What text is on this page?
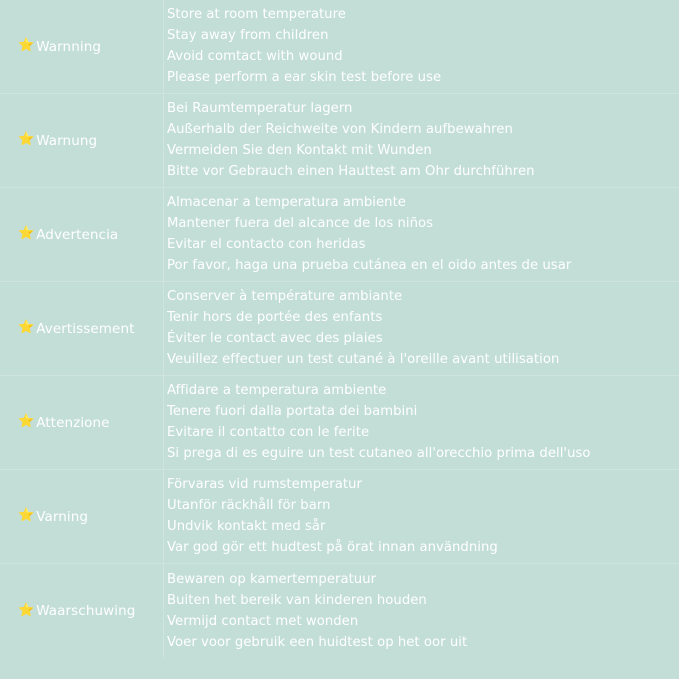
⭐ Warnning
Store at room temperature
Stay away from children
Avoid comtact with wound
Please perform a ear skin test before use
⭐ Warnung
Bei Raumtemperatur lagern
Außerhalb der Reichweite von Kindern aufbewahren
Vermeiden Sie den Kontakt mit Wunden
Bitte vor Gebrauch einen Hauttest am Ohr durchführen
⭐ Advertencia
Almacenar a temperatura ambiente
Mantener fuera del alcance de los niños
Evitar el contacto con heridas
Por favor, haga una prueba cutánea en el oido antes de usar
⭐ Avertissement
Conserver à température ambiante
Tenir hors de portée des enfants
Éviter le contact avec des plaies
Veuillez effectuer un test cutané à l'oreille avant utilisation
⭐ Attenzione
Affidare a temperatura ambiente
Tenere fuori dalla portata dei bambini
Evitare il contatto con le ferite
Si prega di es eguire un test cutaneo all'orecchio prima dell'uso
⭐ Varning
Förvaras vid rumstemperatur
Utanför räckhåll för barn
Undvik kontakt med sår
Var god gör ett hudtest på örat innan användning
⭐ Waarschuwing
Bewaren op kamertemperatuur
Buiten het bereik van kinderen houden
Vermijd contact met wonden
Voer voor gebruik een huidtest op het oor uit
